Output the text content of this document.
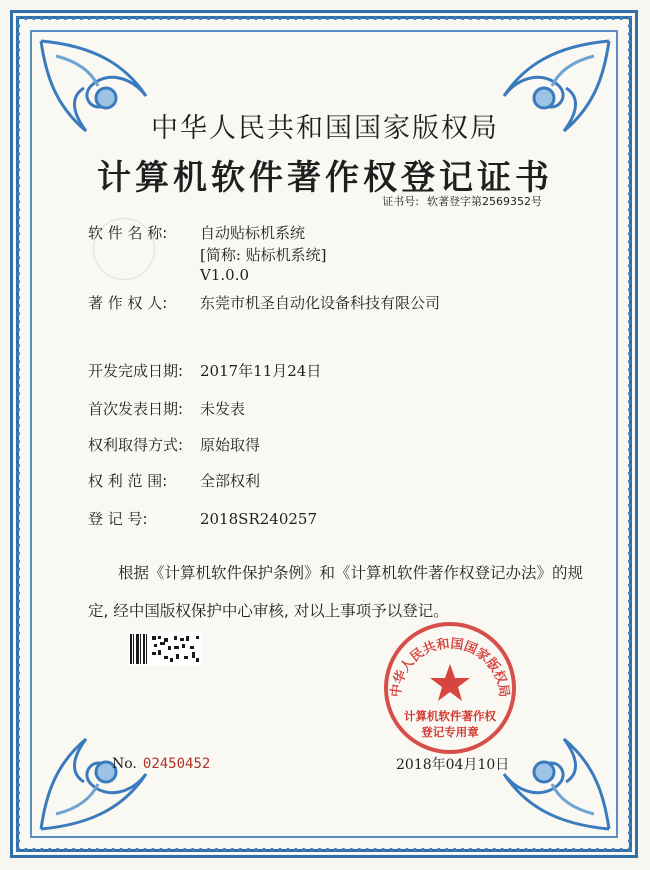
中华人民共和国国家版权局
计算机软件著作权登记证书
证书号: 软著登字第2569352号
软 件 名 称: 自动贴标机系统
[简称: 贴标机系统]
V1.0.0
著 作 权 人: 东莞市机圣自动化设备科技有限公司
开发完成日期: 2017年11月24日
首次发表日期: 未发表
权利取得方式: 原始取得
权 利 范 围: 全部权利
登 记 号:	2018SR240257
根据《计算机软件保护条例》和《计算机软件著作权登记办法》的规定, 经中国版权保护中心审核, 对以上事项予以登记。
No. 02450452
中华人民共和国国家版权局
计算机软件著作权
登记专用章
2018年04月10日
